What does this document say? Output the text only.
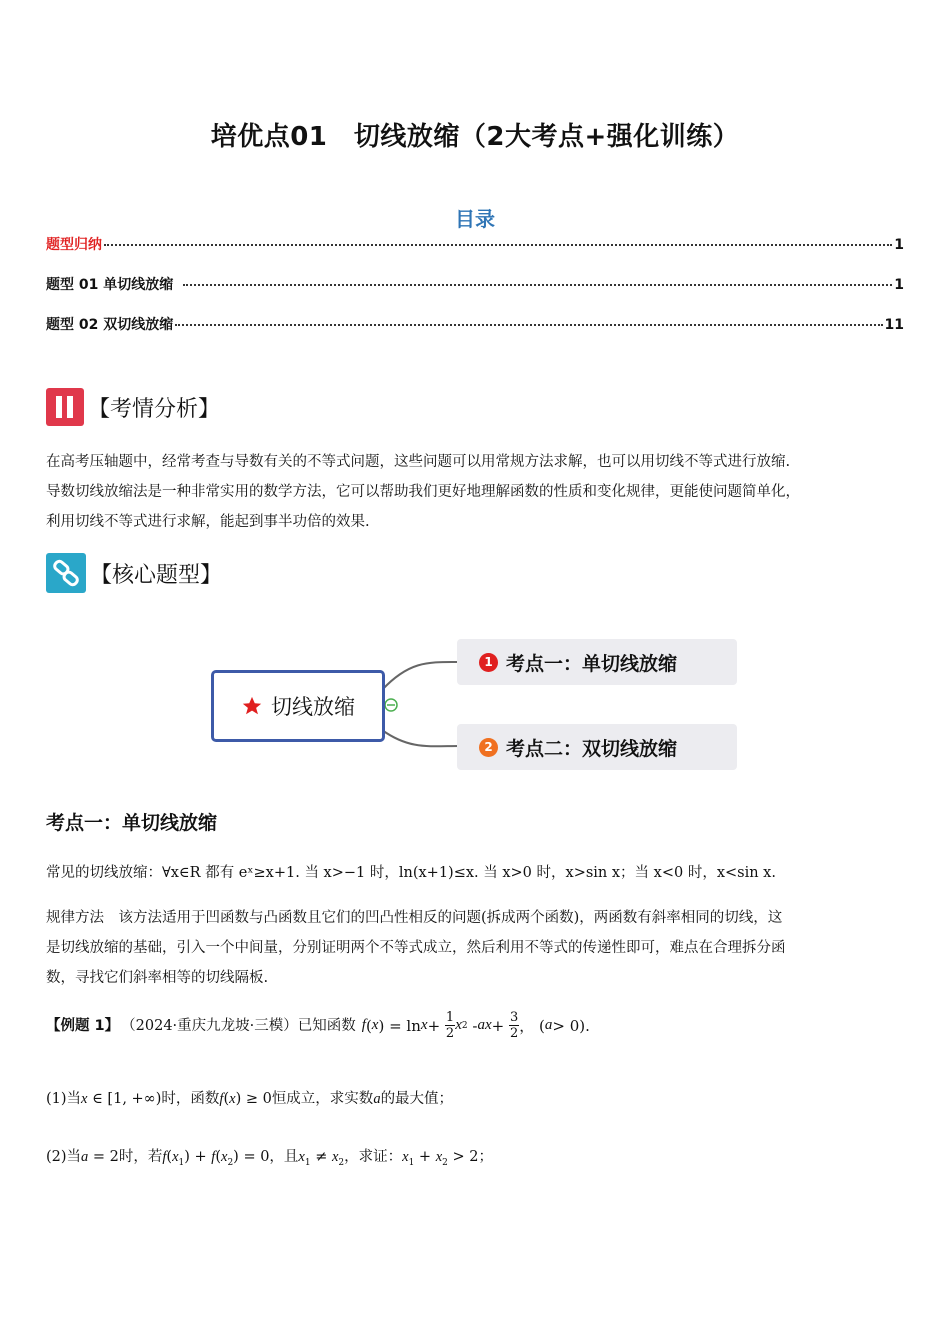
培优点01　切线放缩（2大考点+强化训练）
目录
题型归纳	1
题型 01 单切线放缩	1
题型 02 双切线放缩	11
【考情分析】
在高考压轴题中，经常考查与导数有关的不等式问题，这些问题可以用常规方法求解，也可以用切线不等式进行放缩.
导数切线放缩法是一种非常实用的数学方法，它可以帮助我们更好地理解函数的性质和变化规律，更能使问题简单化，
利用切线不等式进行求解，能起到事半功倍的效果.
【核心题型】
切线放缩
1 考点一：单切线放缩
2 考点二：双切线放缩
考点一：单切线放缩
常见的切线放缩：∀x∈R 都有 eˣ≥x+1. 当 x>−1 时，ln(x+1)≤x. 当 x>0 时，x>sin x；当 x<0 时，x<sin x.
规律方法　该方法适用于凹函数与凸函数且它们的凹凸性相反的问题(拆成两个函数)，两函数有斜率相同的切线，这
是切线放缩的基础，引入一个中间量，分别证明两个不等式成立，然后利用不等式的传递性即可，难点在合理拆分函
数，寻找它们斜率相等的切线隔板.
【例题 1】 （2024·重庆九龙坡·三模）已知函数 f ( x ) = $\ln x + \frac{1}{2}$ x 2 - ax + $\frac{3}{2}$ ， ( a > 0).
(1)当x ∈ [1, +∞)时，函数f(x) ≥ 0恒成立，求实数a的最大值；
(2)当a = 2时，若$f(x_1) + f(x_2) = 0$，且$x_1 \ne x_2$，求证：$x_1 + x_2 > 2$；
